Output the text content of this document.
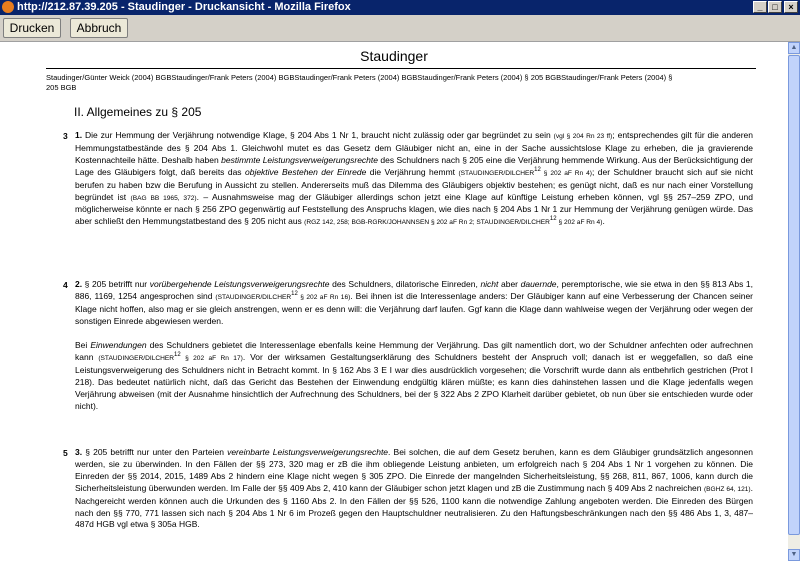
http://212.87.39.205 - Staudinger - Druckansicht - Mozilla Firefox	_	□	×
Drucken	Abbruch
Staudinger
Staudinger/Günter Weick (2004) BGBStaudinger/Frank Peters (2004) BGBStaudinger/Frank Peters (2004) BGBStaudinger/Frank Peters (2004) § 205 BGBStaudinger/Frank Peters (2004) § 205 BGB
II. Allgemeines zu § 205
3 1. Die zur Hemmung der Verjährung notwendige Klage, § 204 Abs 1 Nr 1, braucht nicht zulässig oder gar begründet zu sein (vgl § 204 Rn 23 ff); entsprechendes gilt für die anderen Hemmungstatbestände des § 204 Abs 1. Gleichwohl mutet es das Gesetz dem Gläubiger nicht an, eine in der Sache aussichtslose Klage zu erheben, die ja gravierende Kostennachteile hätte. Deshalb haben bestimmte Leistungsverweigerungsrechte des Schuldners nach § 205 eine die Verjährung hemmende Wirkung. Aus der Berücksichtigung der Lage des Gläubigers folgt, daß bereits das objektive Bestehen der Einrede die Verjährung hemmt (STAUDINGER/DILCHER$^{12}$ § 202 aF Rn 4); der Schuldner braucht sich auf sie nicht berufen zu haben bzw die Berufung in Aussicht zu stellen. Andererseits muß das Dilemma des Gläubigers objektiv bestehen; es genügt nicht, daß es nur nach einer Vorstellung begründet ist (BAG BB 1965, 372). – Ausnahmsweise mag der Gläubiger allerdings schon jetzt eine Klage auf künftige Leistung erheben können, vgl §§ 257–259 ZPO, und möglicherweise könnte er nach § 256 ZPO gegenwärtig auf Feststellung des Anspruchs klagen, wie dies nach § 204 Abs 1 Nr 1 zur Hemmung der Verjährung genügen würde. Das aber schließt den Hemmungstatbestand des § 205 nicht aus (RGZ 142, 258; BGB-RGRK/JOHANNSEN § 202 aF Rn 2; STAUDINGER/DILCHER$^{12}$ § 202 aF Rn 4).
4 2. § 205 betrifft nur vorübergehende Leistungsverweigerungsrechte des Schuldners, dilatorische Einreden, nicht aber dauernde, peremptorische, wie sie etwa in den §§ 813 Abs 1, 886, 1169, 1254 angesprochen sind (STAUDINGER/DILCHER$^{12}$ § 202 aF Rn 16). Bei ihnen ist die Interessenlage anders: Der Gläubiger kann auf eine Verbesserung der Chancen seiner Klage nicht hoffen, also mag er sie gleich anstrengen, wenn er es denn will: die Verjährung darf laufen. Ggf kann die Klage dann wahlweise wegen der Verjährung oder wegen der sonstigen Einrede abgewiesen werden.
Bei Einwendungen des Schuldners gebietet die Interessenlage ebenfalls keine Hemmung der Verjährung. Das gilt namentlich dort, wo der Schuldner anfechten oder aufrechnen kann (STAUDINGER/DILCHER$^{12}$ § 202 aF Rn 17). Vor der wirksamen Gestaltungserklärung des Schuldners besteht der Anspruch voll; danach ist er weggefallen, so daß eine Leistungsverweigerung des Schuldners nicht in Betracht kommt. In § 162 Abs 3 E I war dies ausdrücklich vorgesehen; die Vorschrift wurde dann als entbehrlich gestrichen (Prot I 218). Das bedeutet natürlich nicht, daß das Gericht das Bestehen der Einwendung endgültig klären müßte; es kann dies dahinstehen lassen und die Klage jedenfalls wegen Verjährung abweisen (mit der Ausnahme hinsichtlich der Aufrechnung des Schuldners, bei der § 322 Abs 2 ZPO Klarheit darüber gebietet, ob nun über sie entschieden wurde oder nicht).
5 3. § 205 betrifft nur unter den Parteien vereinbarte Leistungsverweigerungsrechte. Bei solchen, die auf dem Gesetz beruhen, kann es dem Gläubiger grundsätzlich angesonnen werden, sie zu überwinden. In den Fällen der §§ 273, 320 mag er zB die ihm obliegende Leistung anbieten, um erfolgreich nach § 204 Abs 1 Nr 1 vorgehen zu können. Die Einreden der §§ 2014, 2015, 1489 Abs 2 hindern eine Klage nicht wegen § 305 ZPO. Die Einrede der mangelnden Sicherheitsleistung, §§ 268, 811, 867, 1006, kann durch die Sicherheitsleistung überwunden werden. Im Falle der §§ 409 Abs 2, 410 kann der Gläubiger schon jetzt klagen und zB die Zustimmung nach § 409 Abs 2 nachreichen (BGHZ 64, 121). Nachgereicht werden können auch die Urkunden des § 1160 Abs 2. In den Fällen der §§ 526, 1100 kann die notwendige Zahlung angeboten werden. Die Einreden des Bürgen nach den §§ 770, 771 lassen sich nach § 204 Abs 1 Nr 6 im Prozeß gegen den Hauptschuldner neutralisieren. Zu den Haftungsbeschränkungen nach den §§ 486 Abs 1, 3, 487–487d HGB vgl etwa § 305a HGB.
▲
▼
